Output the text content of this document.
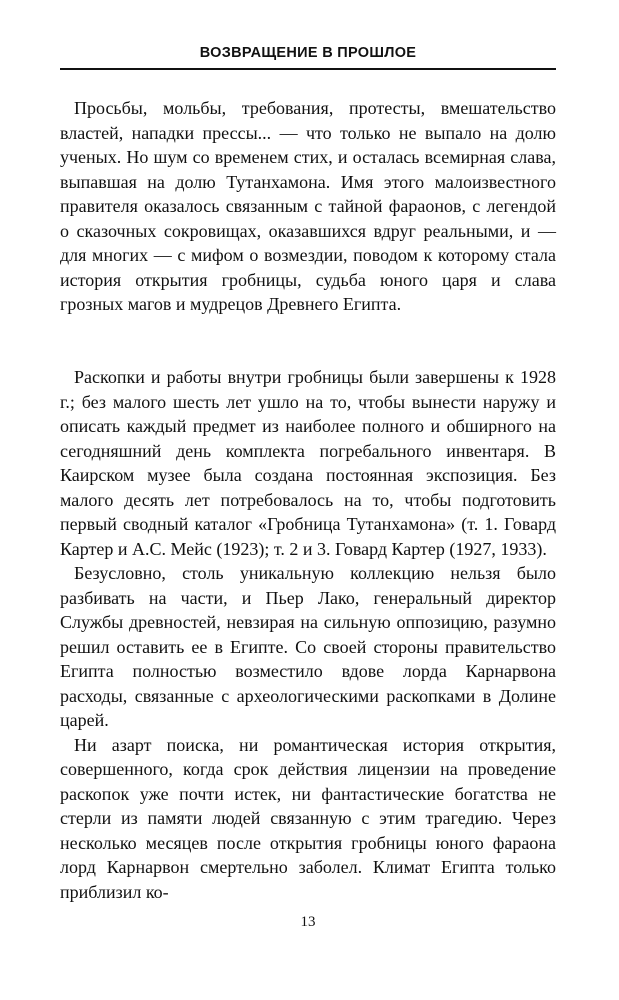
ВОЗВРАЩЕНИЕ В ПРОШЛОЕ

Просьбы, мольбы, требования, протесты, вмешательство властей, нападки прессы... — что только не выпало на долю ученых. Но шум со временем стих, и осталась всемирная слава, выпавшая на долю Тутанхамона. Имя этого малоизвестного правителя оказалось связанным с тайной фараонов, с легендой о сказочных сокровищах, оказавшихся вдруг реальными, и — для многих — с мифом о возмездии, поводом к которому стала история открытия гробницы, судьба юного царя и слава грозных магов и мудрецов Древнего Египта.

Раскопки и работы внутри гробницы были завершены к 1928 г.; без малого шесть лет ушло на то, чтобы вынести наружу и описать каждый предмет из наиболее полного и обширного на сегодняшний день комплекта погребального инвентаря. В Каирском музее была создана постоянная экспозиция. Без малого десять лет потребовалось на то, чтобы подготовить первый сводный каталог «Гробница Тутанхамона» (т. 1. Говард Картер и А.С. Мейс (1923); т. 2 и 3. Говард Картер (1927, 1933).

Безусловно, столь уникальную коллекцию нельзя было разбивать на части, и Пьер Лако, генеральный директор Службы древностей, невзирая на сильную оппозицию, разумно решил оставить ее в Египте. Со своей стороны правительство Египта полностью возместило вдове лорда Карнарвона расходы, связанные с археологическими раскопками в Долине царей.

Ни азарт поиска, ни романтическая история открытия, совершенного, когда срок действия лицензии на проведение раскопок уже почти истек, ни фантастические богатства не стерли из памяти людей связанную с этим трагедию. Через несколько месяцев после открытия гробницы юного фараона лорд Карнарвон смертельно заболел. Климат Египта только приблизил ко-

13
